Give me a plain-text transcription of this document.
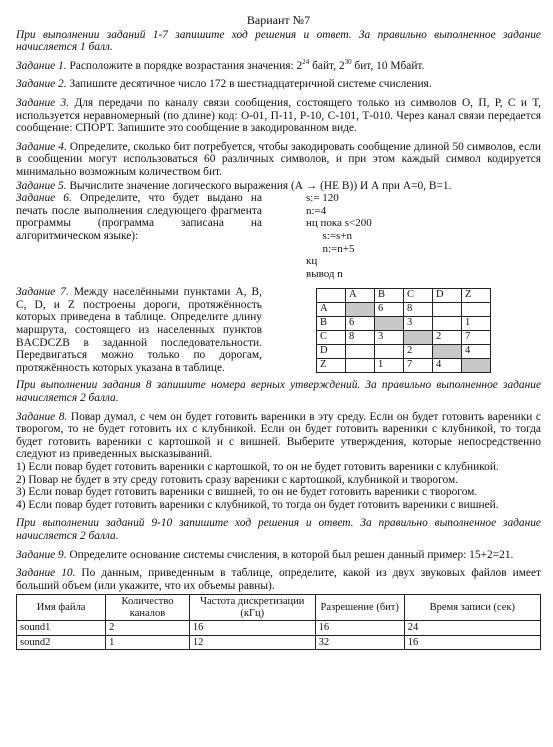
Вариант №7

При выполнении заданий 1-7 запишите ход решения и ответ. За правильно выполненное задание начисляется 1 балл.

Задание 1. Расположите в порядке возрастания значения: $2^{24}$ байт, $2^{30}$ бит, 10 Мбайт.

Задание 2. Запишите десятичное число 172 в шестнадцатеричной системе счисления.

Задание 3. Для передачи по каналу связи сообщения, состоящего только из символов О, П, Р, С и Т, используется неравномерный (по длине) код: О-01, П-11, Р-10, С-101, Т-010. Через канал связи передается сообщение: СПОРТ. Запишите это сообщение в закодированном виде.

Задание 4. Определите, сколько бит потребуется, чтобы закодировать сообщение длиной 50 символов, если в сообщении могут использоваться 60 различных символов, и при этом каждый символ кодируется минимально возможным количеством бит.

Задание 5. Вычислите значение логического выражения (А → (НЕ В)) И А при А=0, В=1.

Задание 6. Определите, что будет выдано на печать после выполнения следующего фрагмента программы (программа записана на алгоритмическом языке):
s:= 120
n:=4
нц пока s<200
s:=s+n
n:=n+5
кц
вывод n
Задание 7. Между населёнными пунктами A, B, C, D, и Z построены дороги, протяжённость которых приведена в таблице. Определите длину маршрута, состоящего из населенных пунктов BACDCZB в заданной последовательности. Передвигаться можно только по дорогам, протяжённость которых указана в таблице.
	A	B	C	D	Z
A		6	8		
B	6		3		1
C	8	3		2	7
D			2		4
Z		1	7	4	

При выполнении задания 8 запишите номера верных утверждений. За правильно выполненное задание начисляется 2 балла.

Задание 8. Повар думал, с чем он будет готовить вареники в эту среду. Если он будет готовить вареники с творогом, то не будет готовить их с клубникой. Если он будет готовить вареники с клубникой, то тогда будет готовить вареники с картошкой и с вишней. Выберите утверждения, которые непосредственно следуют из приведенных высказываний.

1) Если повар будет готовить вареники с картошкой, то он не будет готовить вареники с клубникой.

2) Повар не будет в эту среду готовить сразу вареники с картошкой, клубникой и творогом.

3) Если повар будет готовить вареники с вишней, то он не будет готовить вареники с творогом.

4) Если повар будет готовить вареники с клубникой, то тогда он будет готовить вареники с вишней.

При выполнении заданий 9-10 запишите ход решения и ответ. За правильно выполненное задание начисляется 2 балла.

Задание 9. Определите основание системы счисления, в которой был решен данный пример: 15+2=21.

Задание 10. По данным, приведенным в таблице, определите, какой из двух звуковых файлов имеет больший объем (или укажите, что их объемы равны).

Имя файла	Количество каналов	Частота дискретизации (кГц)	Разрешение (бит)	Время записи (сек)
sound1	2	16	16	24
sound2	1	12	32	16
